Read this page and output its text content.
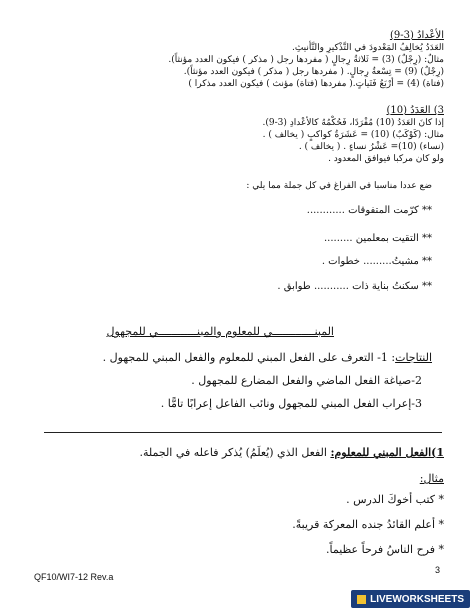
الأعْدادُ (3-9)
العَدَدُ يُخالِفُ المَعْدودَ في التَّذْكيرِ والتَّأنيثِ.
مثالٌ: (رِجْلٌ) (3) = ثَلاثةُ رِجالٍ ( مفردها رجل ( مذكر ) فيكون العدد مؤنثاً).
(رِجْلٌ) (9) = تِسْعةُ رِجالٍ. ( مفردها رجل ( مذكر ) فيكون العدد مؤنثاً).
(فتاة) (4) = أرْبَعُ فَتَياتٍ.( مفردها (فتاة) مؤنث ) فيكون العدد مذكرا )
3) العَدَدُ (10)
إذا كانَ العَدَدُ (10) مُفْرَدًا، فَحُكْمُهُ كالأعْدادِ (3-9).
مثال: (كَوْكَبٌ) (10) = عَشَرَةُ كواكبٍ ( يخالف ) .
(نساء) (10)= عَشْرُ نساءٍ . ( يخالف ) .
ولو كان مركبا فيوافق المعدود .
ضع عددا مناسبا في الفراغ في كل جملة مما يلي :
** كرّمت المتفوقات ............
** التقيت بمعلمين .........
** مشيتُ......... خطوات .
** سكنتُ بناية ذات ........... طوابق .
المبنـــــــــــــي للمعلوم والمبنــــــــــــي للمجهول
النتاجات: 1- التعرف على الفعل المبني للمعلوم والفعل المبني للمجهول .
2-صياغة الفعل الماضي والفعل المضارع للمجهول .
3-إعراب الفعل المبني للمجهول ونائب الفاعل إعرابًا تامًّا .
1)الفعل المبني للمعلوم: الفعل الذي (يُعلَمُ) يُذكر فاعله في الجملة.
مثال:
* كتب أخوكَ الدرس .
* أعلم القائدُ جنده المعركة قريبةً.
* فرح الناسُ فرحاً عظيماً.
3
QF10/WI7-12 Rev.a
LIVEWORKSHEETS
